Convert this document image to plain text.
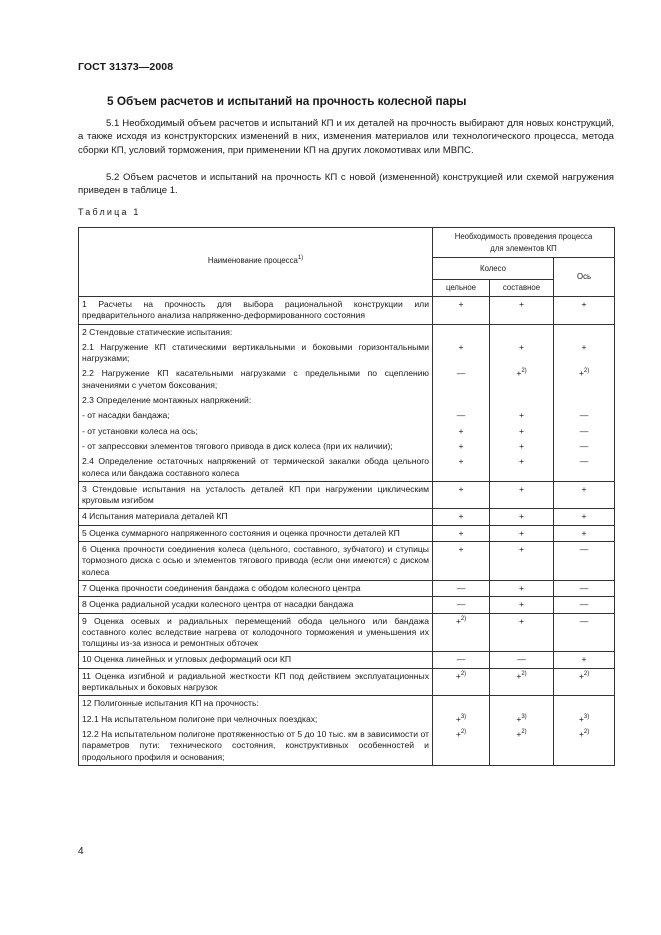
ГОСТ 31373—2008
5 Объем расчетов и испытаний на прочность колесной пары

5.1 Необходимый объем расчетов и испытаний КП и их деталей на прочность выбирают для новых конструкций, а также исходя из конструкторских изменений в них, изменения материалов или технологического процесса, метода сборки КП, условий торможения, при применении КП на других локомотивах или МВПС.

5.2 Объем расчетов и испытаний на прочность КП с новой (измененной) конструкцией или схемой нагружения приведен в таблице 1.

Таблица 1
Наименование процесса$^{1)}$	Необходимость проведения процесса для элементов КП		
	Колесо		Ось
	цельное	составное	
1 Расчеты на прочность для выбора рациональной конструкции или предварительного анализа напряженно-деформированного состояния	+	+	+
2 Стендовые статические испытания:			
2.1 Нагружение КП статическими вертикальными и боковыми горизонтальными нагрузками;	+	+	+
2.2 Нагружение КП касательными нагрузками с предельными по сцеплению значениями с учетом боксования;	—	+$^{2)}$	+$^{2)}$
2.3 Определение монтажных напряжений:			
- от насадки бандажа;	—	+	—
- от установки колеса на ось;	+	+	—
- от запрессовки элементов тягового привода в диск колеса (при их наличии);	+	+	—
2.4 Определение остаточных напряжений от термической закалки обода цельного колеса или бандажа составного колеса	+	+	—
3 Стендовые испытания на усталость деталей КП при нагружении циклическим круговым изгибом	+	+	+
4 Испытания материала деталей КП	+	+	+
5 Оценка суммарного напряженного состояния и оценка прочности деталей КП	+	+	+
6 Оценка прочности соединения колеса (цельного, составного, зубчатого) и ступицы тормозного диска с осью и элементов тягового привода (если они имеются) с диском колеса	+	+	—
7 Оценка прочности соединения бандажа с ободом колесного центра	—	+	—
8 Оценка радиальной усадки колесного центра от насадки бандажа	—	+	—
9 Оценка осевых и радиальных перемещений обода цельного или бандажа составного колес вследствие нагрева от колодочного торможения и уменьшения их толщины из-за износа и ремонтных обточек	+$^{2)}$	+	—
10 Оценка линейных и угловых деформаций оси КП	—	—	+
11 Оценка изгибной и радиальной жесткости КП под действием эксплуатационных вертикальных и боковых нагрузок	+$^{2)}$	+$^{2)}$	+$^{2)}$
12 Полигонные испытания КП на прочность:			
12.1 На испытательном полигоне при челночных поездках;	+$^{3)}$	+$^{3)}$	+$^{3)}$
12.2 На испытательном полигоне протяженностью от 5 до 10 тыс. км в зависимости от параметров пути: технического состояния, конструктивных особенностей и продольного профиля и основания;	+$^{2)}$	+$^{2)}$	+$^{2)}$
4
